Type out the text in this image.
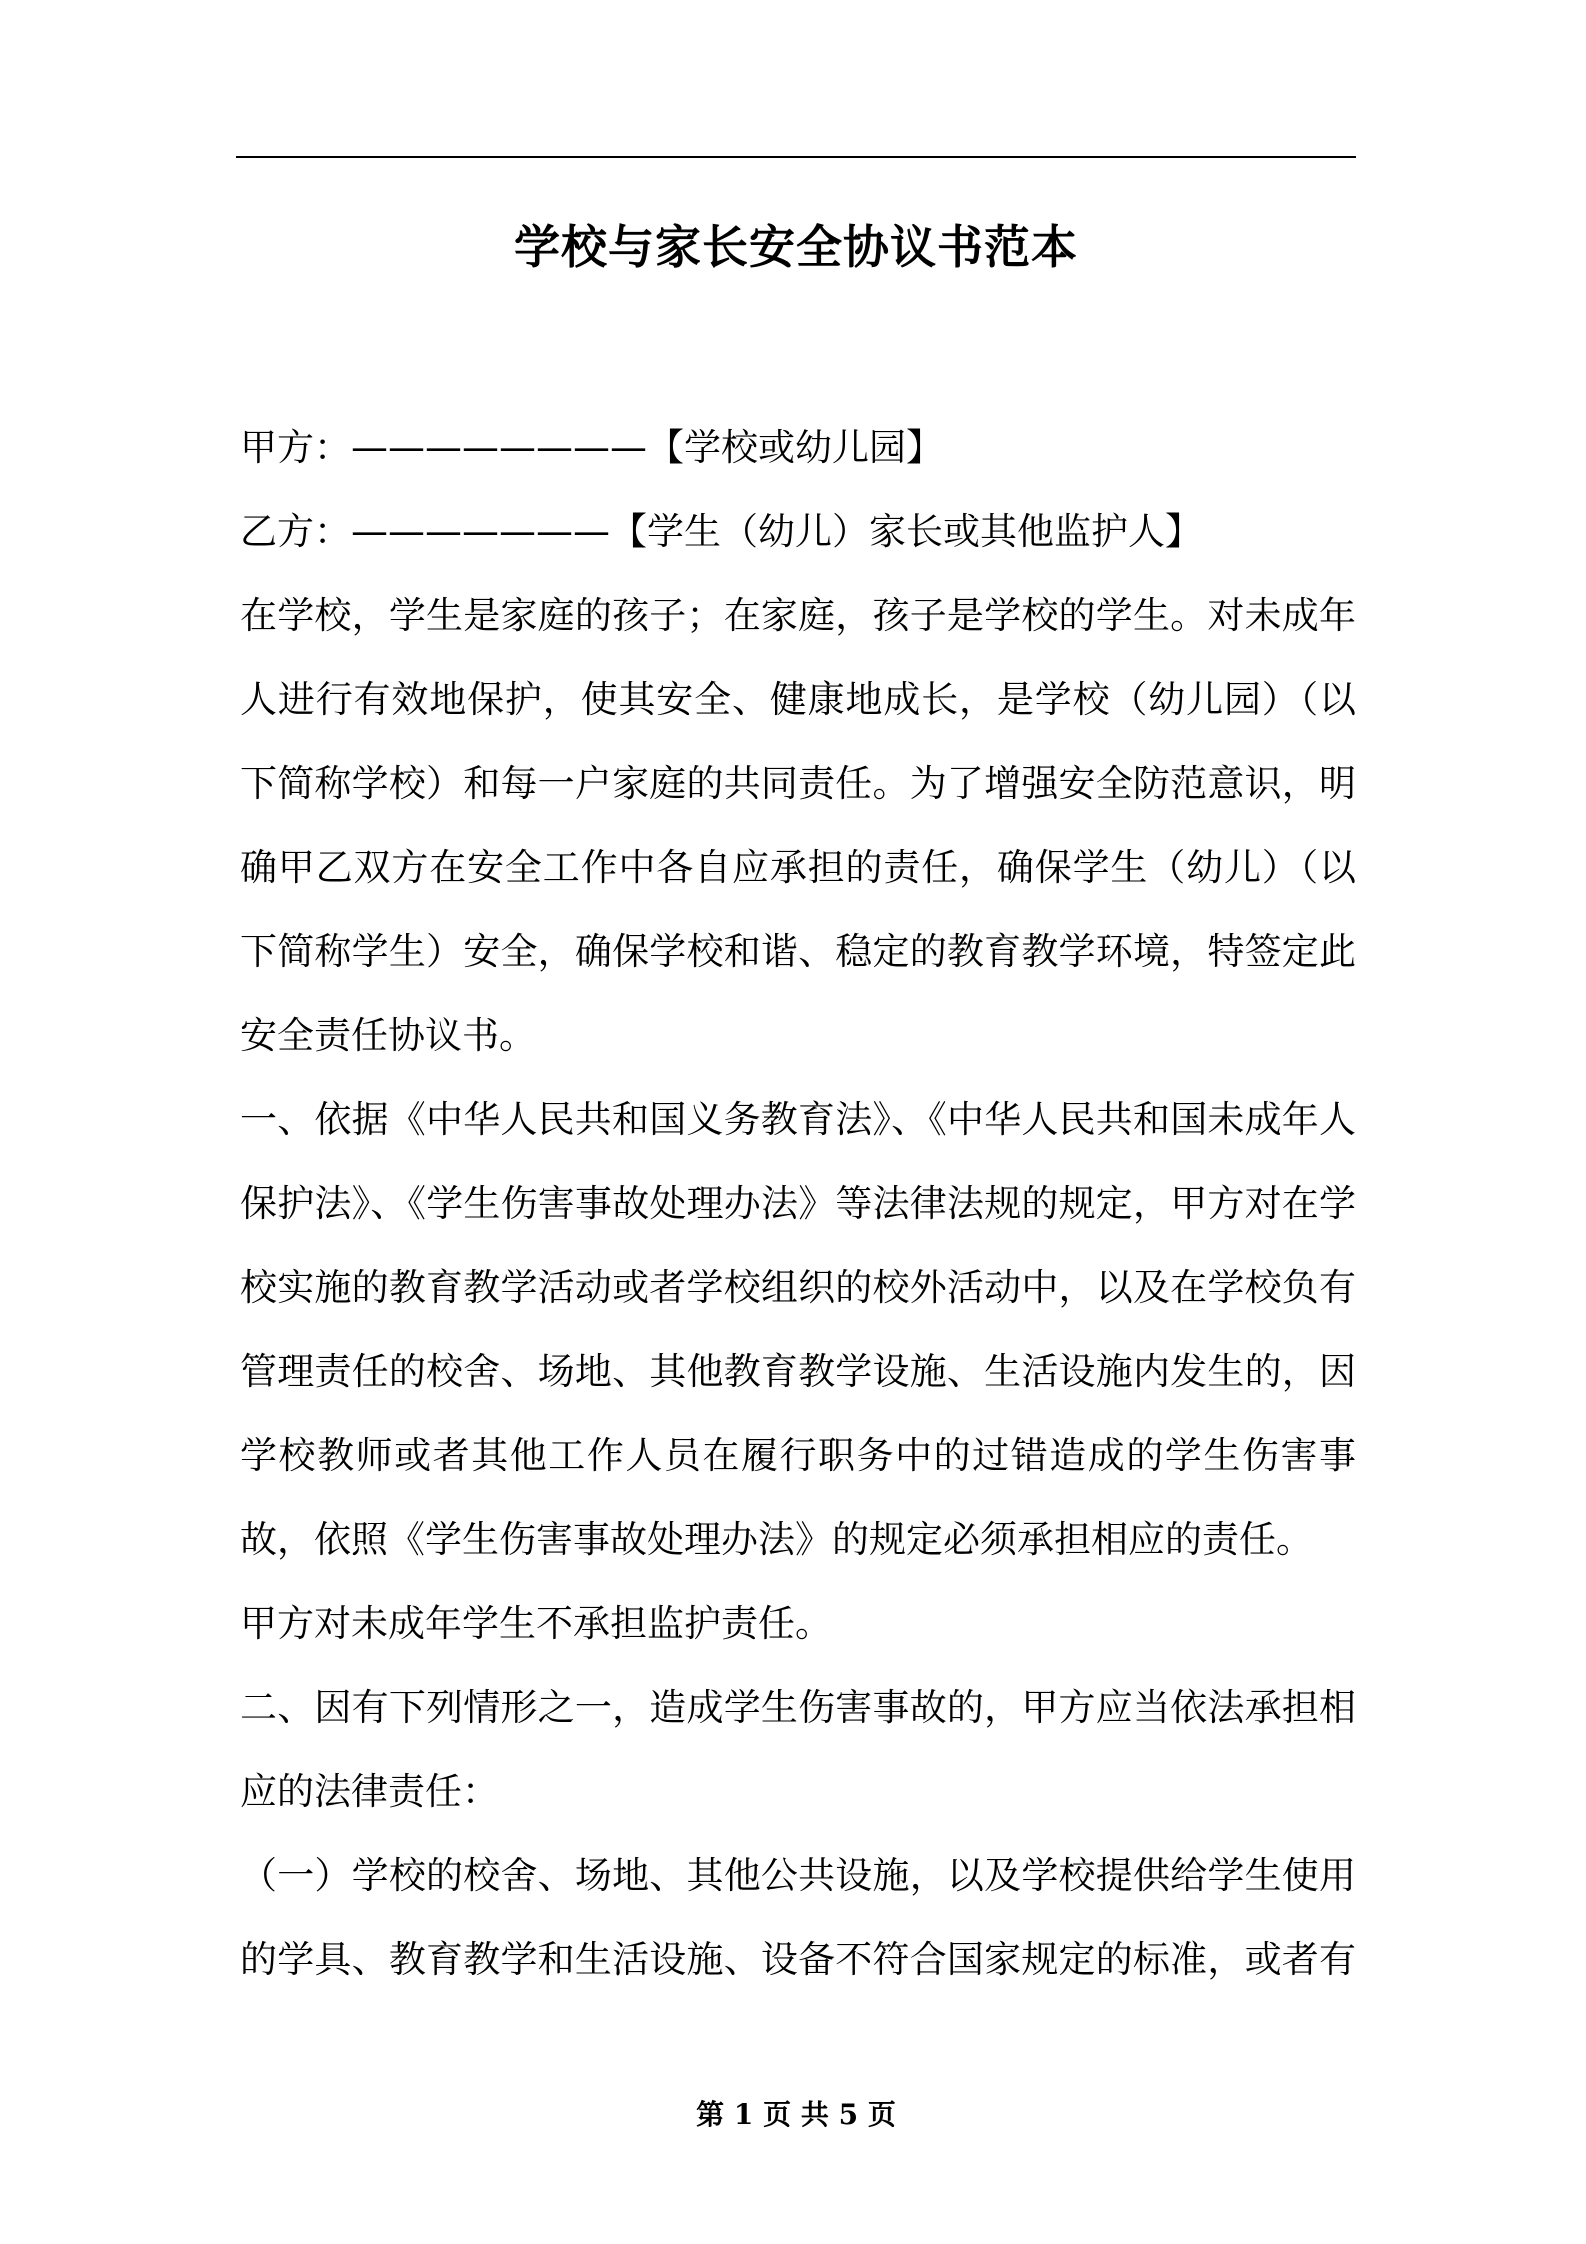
学校与家长安全协议书范本
甲方：————————【学校或幼儿园】
乙方：———————【学生（幼儿）家长或其他监护人】
在学校，学生是家庭的孩子；在家庭，孩子是学校的学生。对未成年
人进行有效地保护，使其安全、健康地成长，是学校（幼儿园）（以
下简称学校）和每一户家庭的共同责任。为了增强安全防范意识，明
确甲乙双方在安全工作中各自应承担的责任，确保学生（幼儿）（以
下简称学生）安全，确保学校和谐、稳定的教育教学环境，特签定此
安全责任协议书。
一、依据《中华人民共和国义务教育法》、《中华人民共和国未成年人
保护法》、《学生伤害事故处理办法》等法律法规的规定，甲方对在学
校实施的教育教学活动或者学校组织的校外活动中，以及在学校负有
管理责任的校舍、场地、其他教育教学设施、生活设施内发生的，因
学校教师或者其他工作人员在履行职务中的过错造成的学生伤害事
故，依照《学生伤害事故处理办法》的规定必须承担相应的责任。
甲方对未成年学生不承担监护责任。
二、因有下列情形之一，造成学生伤害事故的，甲方应当依法承担相
应的法律责任：
（一）学校的校舍、场地、其他公共设施，以及学校提供给学生使用
的学具、教育教学和生活设施、设备不符合国家规定的标准，或者有
第 1 页 共 5 页
